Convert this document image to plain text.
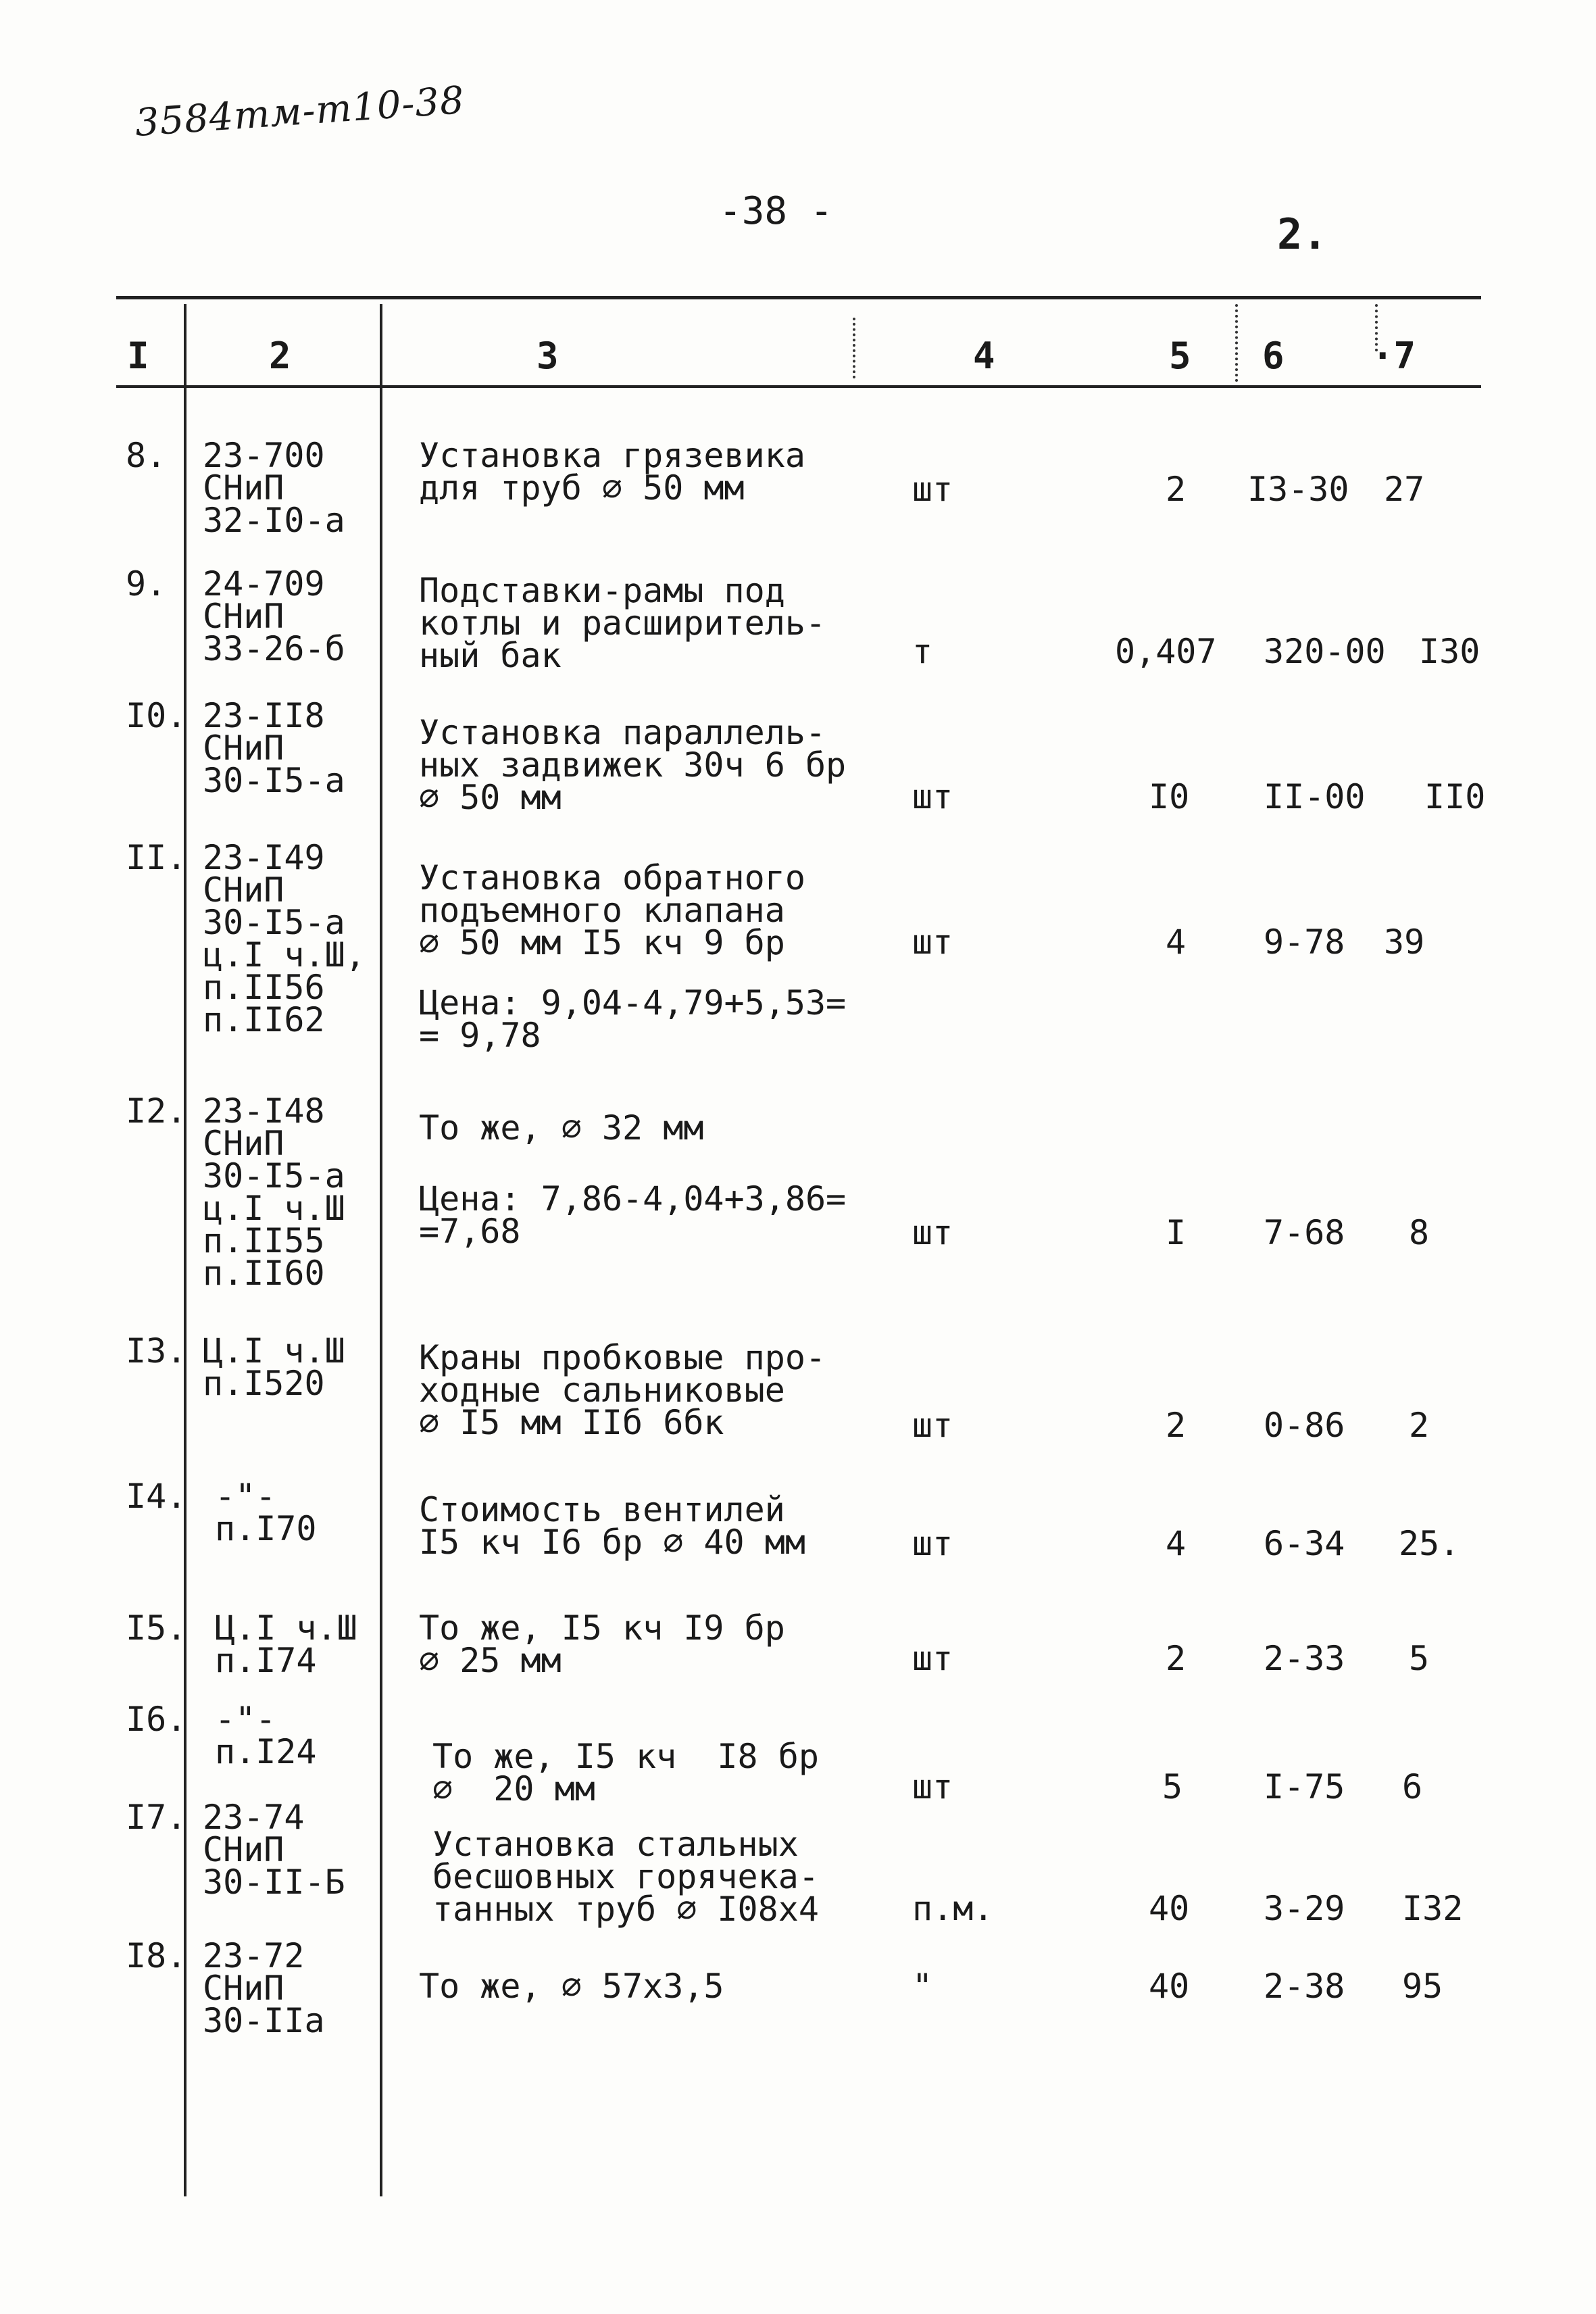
3584тм-т10-38
-38 -	2.
I	2	3	4	5 6 ·7
8. 23-700
СНиП
32-I0-а
Установка грязевика
для труб ∅ 50 мм	шт	2 I3-30 27
9. 24-709
СНиП
33-26-б
Подставки-рамы под
котлы и расширитель-
ный бак	т	0,407 320-00 I30
I0. 23-II8
СНиП
30-I5-а
Установка параллель-
ных задвижек 30ч 6 бр
∅ 50 мм	шт	I0 II-00 II0
II. 23-I49
СНиП
30-I5-а
ц.I ч.Ш,
п.II56
п.II62
Установка обратного
подъемного клапана
∅ 50 мм I5 кч 9 бр
Цена: 9,04-4,79+5,53=
= 9,78
шт	4 9-78 39
I2. 23-I48
СНиП
30-I5-а
ц.I ч.Ш
п.II55
п.II60
То же, ∅ 32 мм
Цена: 7,86-4,04+3,86=
=7,68	шт	I 7-68 8
I3. Ц.I ч.Ш
п.I520
Краны пробковые про-
ходные сальниковые
∅ I5 мм IIб 6бк	шт	2 0-86 2
I4. -"-
п.I70	Стоимость вентилей
I5 кч I6 бр ∅ 40 мм	шт	4 6-34 25.
I5. Ц.I ч.Ш
п.I74
То же, I5 кч I9 бр
∅ 25 мм	шт	2 2-33 5
I6. -"-
п.I24	То же, I5 кч  I8 бр
∅  20 мм	шт	5 I-75 6
I7. 23-74
СНиП
30-II-Б
Установка стальных
бесшовных горячека-
танных труб ∅ I08х4	п.м.	40 3-29 I32
I8. 23-72
СНиП
30-IIа
То же, ∅ 57х3,5	"	40 2-38 95
